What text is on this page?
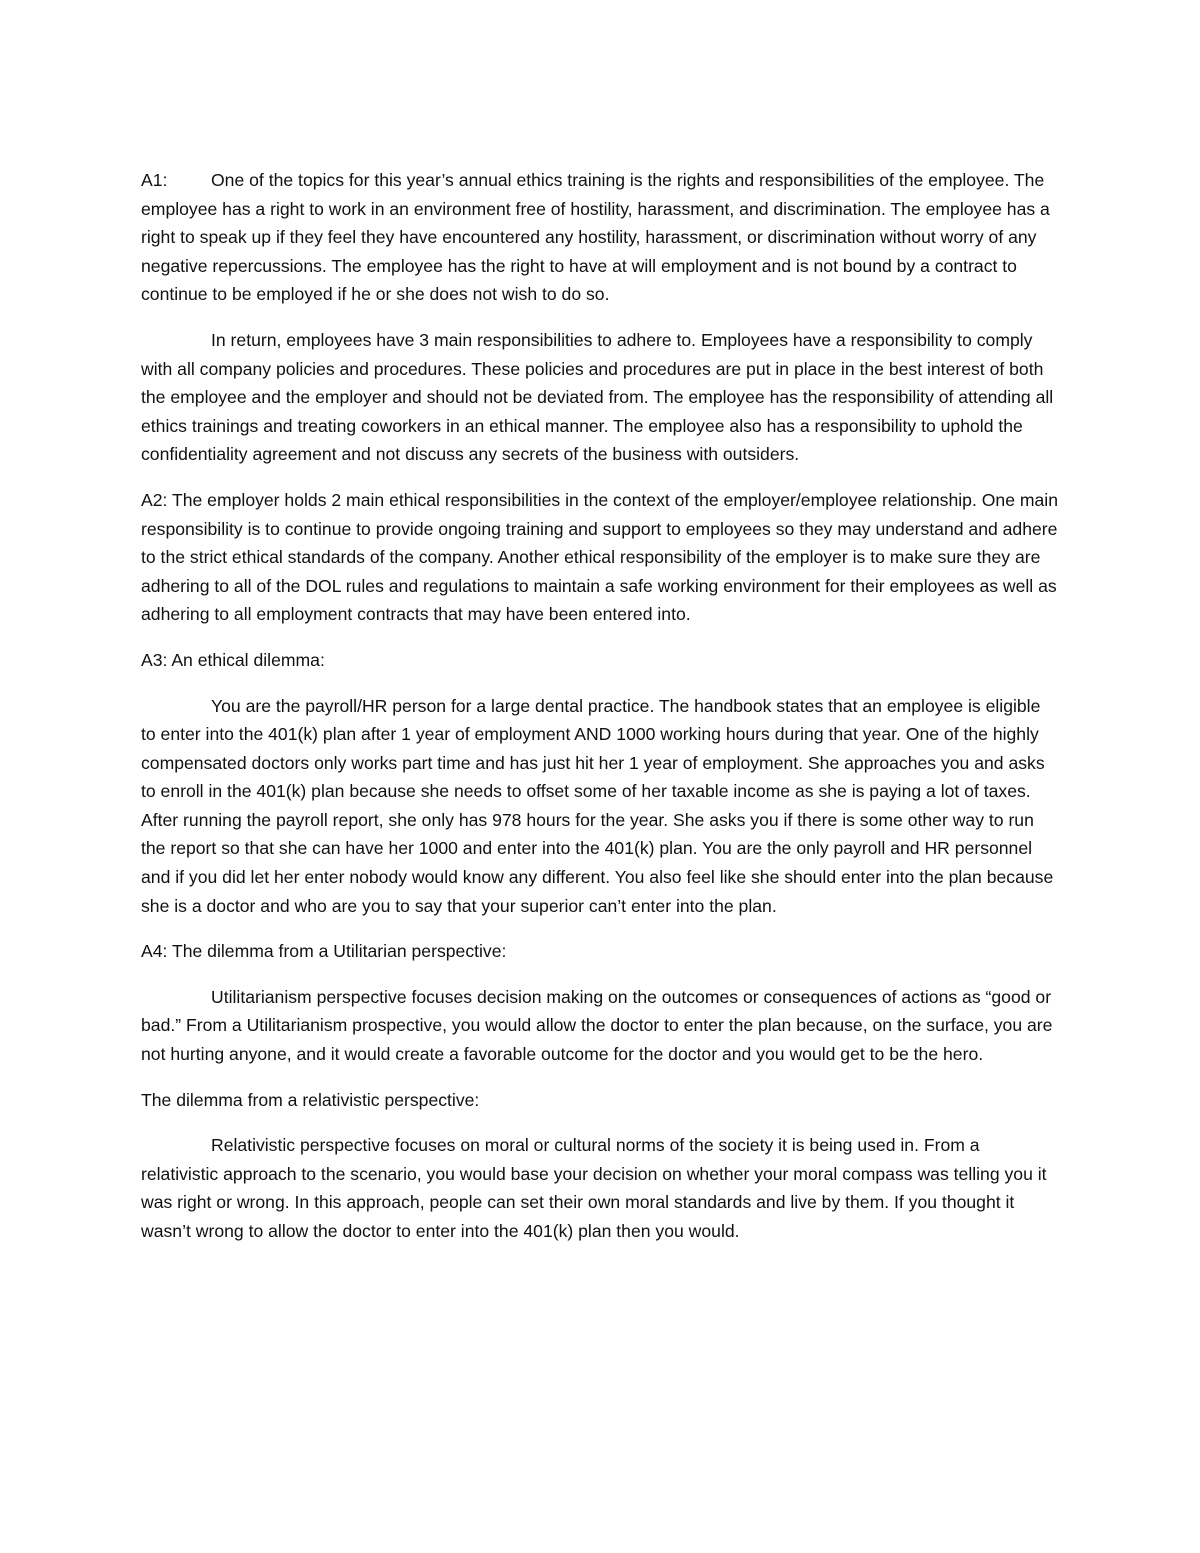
A1: One of the topics for this year’s annual ethics training is the rights and responsibilities of the employee. The employee has a right to work in an environment free of hostility, harassment, and discrimination. The employee has a right to speak up if they feel they have encountered any hostility, harassment, or discrimination without worry of any negative repercussions. The employee has the right to have at will employment and is not bound by a contract to continue to be employed if he or she does not wish to do so.

In return, employees have 3 main responsibilities to adhere to. Employees have a responsibility to comply with all company policies and procedures. These policies and procedures are put in place in the best interest of both the employee and the employer and should not be deviated from. The employee has the responsibility of attending all ethics trainings and treating coworkers in an ethical manner. The employee also has a responsibility to uphold the confidentiality agreement and not discuss any secrets of the business with outsiders.

A2: The employer holds 2 main ethical responsibilities in the context of the employer/employee relationship. One main responsibility is to continue to provide ongoing training and support to employees so they may understand and adhere to the strict ethical standards of the company. Another ethical responsibility of the employer is to make sure they are adhering to all of the DOL rules and regulations to maintain a safe working environment for their employees as well as adhering to all employment contracts that may have been entered into.

A3: An ethical dilemma:

You are the payroll/HR person for a large dental practice. The handbook states that an employee is eligible to enter into the 401(k) plan after 1 year of employment AND 1000 working hours during that year. One of the highly compensated doctors only works part time and has just hit her 1 year of employment. She approaches you and asks to enroll in the 401(k) plan because she needs to offset some of her taxable income as she is paying a lot of taxes. After running the payroll report, she only has 978 hours for the year. She asks you if there is some other way to run the report so that she can have her 1000 and enter into the 401(k) plan. You are the only payroll and HR personnel and if you did let her enter nobody would know any different. You also feel like she should enter into the plan because she is a doctor and who are you to say that your superior can’t enter into the plan.

A4: The dilemma from a Utilitarian perspective:

Utilitarianism perspective focuses decision making on the outcomes or consequences of actions as “good or bad.” From a Utilitarianism prospective, you would allow the doctor to enter the plan because, on the surface, you are not hurting anyone, and it would create a favorable outcome for the doctor and you would get to be the hero.

The dilemma from a relativistic perspective:

Relativistic perspective focuses on moral or cultural norms of the society it is being used in. From a relativistic approach to the scenario, you would base your decision on whether your moral compass was telling you it was right or wrong. In this approach, people can set their own moral standards and live by them. If you thought it wasn’t wrong to allow the doctor to enter into the 401(k) plan then you would.
